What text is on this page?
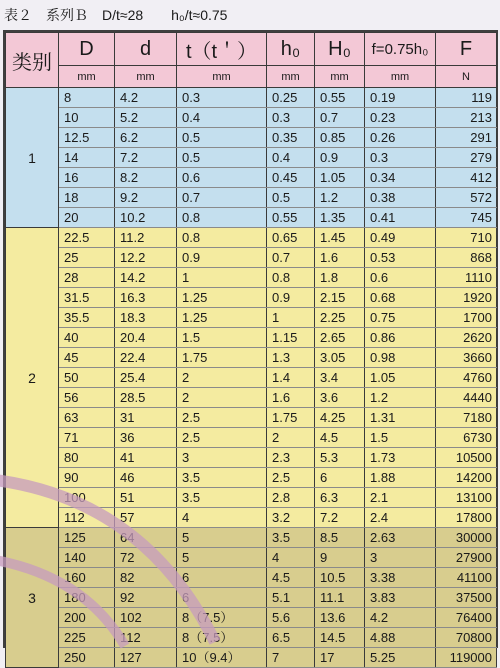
表２　系列Ｂ　D/t≈28　　h₀/t≈0.75
类别	D	d	t（t＇）	h₀	H₀	f=0.75h₀	F
	mm	mm	mm	mm	mm	mm	N
1	8	4.2	0.3	0.25	0.55	0.19	119
	10	5.2	0.4	0.3	0.7	0.23	213
	12.5	6.2	0.5	0.35	0.85	0.26	291
	14	7.2	0.5	0.4	0.9	0.3	279
	16	8.2	0.6	0.45	1.05	0.34	412
	18	9.2	0.7	0.5	1.2	0.38	572
	20	10.2	0.8	0.55	1.35	0.41	745
2	22.5	11.2	0.8	0.65	1.45	0.49	710
	25	12.2	0.9	0.7	1.6	0.53	868
	28	14.2	1	0.8	1.8	0.6	1110
	31.5	16.3	1.25	0.9	2.15	0.68	1920
	35.5	18.3	1.25	1	2.25	0.75	1700
	40	20.4	1.5	1.15	2.65	0.86	2620
	45	22.4	1.75	1.3	3.05	0.98	3660
	50	25.4	2	1.4	3.4	1.05	4760
	56	28.5	2	1.6	3.6	1.2	4440
	63	31	2.5	1.75	4.25	1.31	7180
	71	36	2.5	2	4.5	1.5	6730
	80	41	3	2.3	5.3	1.73	10500
	90	46	3.5	2.5	6	1.88	14200
	100	51	3.5	2.8	6.3	2.1	13100
	112	57	4	3.2	7.2	2.4	17800
3	125	64	5	3.5	8.5	2.63	30000
	140	72	5	4	9	3	27900
	160	82	6	4.5	10.5	3.38	41100
	180	92	6	5.1	11.1	3.83	37500
	200	102	8（7.5）	5.6	13.6	4.2	76400
	225	112	8（7.5）	6.5	14.5	4.88	70800
	250	127	10（9.4）	7	17	5.25	119000
